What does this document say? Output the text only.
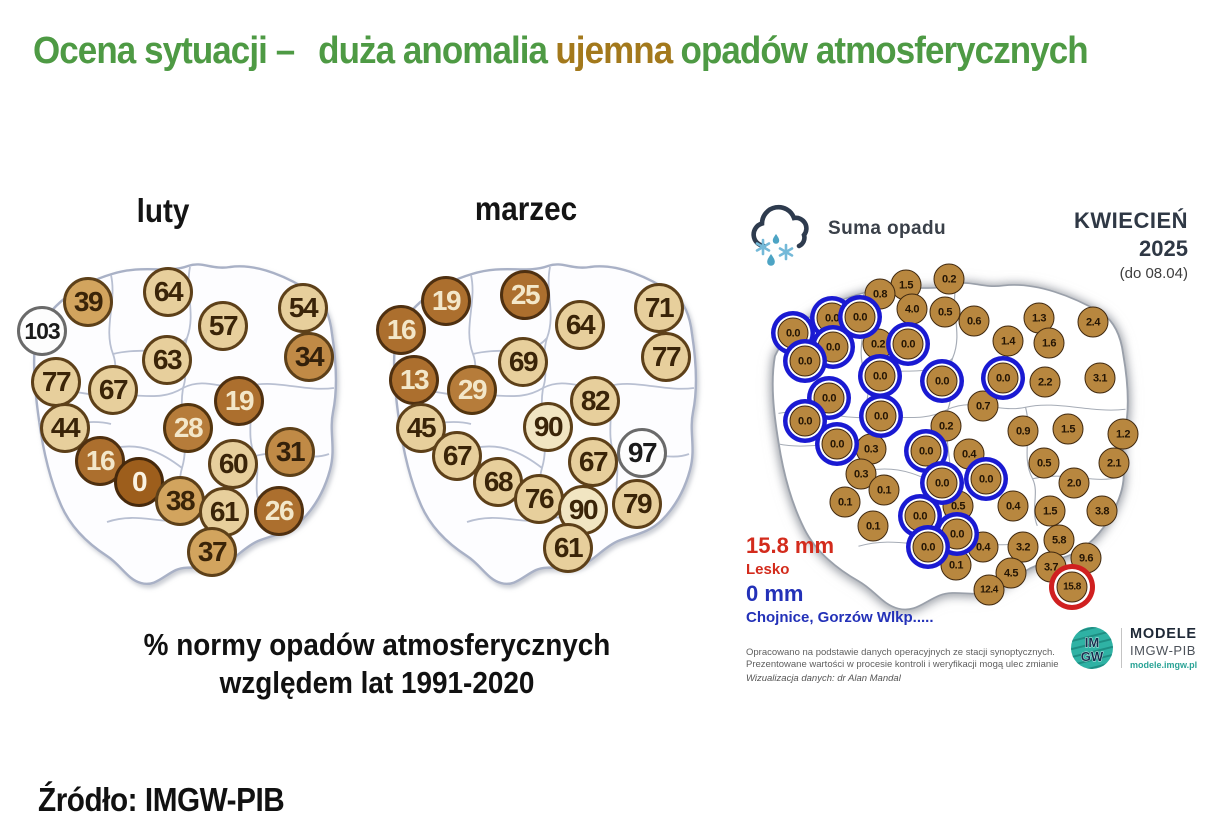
Ocena sytuacji – duża anomalia ujemna opadów atmosferycznych
luty	marzec
39	64
57
54
103
63	34
77	67	19
28
44
16	31
60
0
38	26
61
37
19	25	71
16	64
77
69
13	29	82
90
45
97
67	67
68
76	79
90
61
1.5	0.2
0.8
4.0	0.5
0.6	1.3	2.4
0.0	0.0
0.0
1.4	1.6
0.2
0.0	0.0
0.0
0.0	0.0	0.0	2.2	3.1
0.0
0.7
0.0	0.0
0.9	1.5	1.2
0.2
0.0	0.3	0.0	0.4
0.5	2.1
0.3
0.0	0.0	2.0
0.1
0.1	0.5	0.4	1.5	3.8
0.0
0.1
0.0	5.8
0.0	0.4	3.2
9.6
0.1	3.7
4.5
15.8
12.4
Suma opadu	KWIECIEŃ
2025
(do 08.04)
15.8 mm
Lesko
0 mm
Chojnice, Gorzów Wlkp.....
Opracowano na podstawie danych operacyjnych ze stacji synoptycznych.
Prezentowane wartości w procesie kontroli i weryfikacji mogą ulec zmianie
Wizualizacja danych: dr Alan Mandal
IM
GW
MODELE
IMGW-PIB
modele.imgw.pl
% normy opadów atmosferycznych
względem lat 1991-2020
Źródło: IMGW-PIB
